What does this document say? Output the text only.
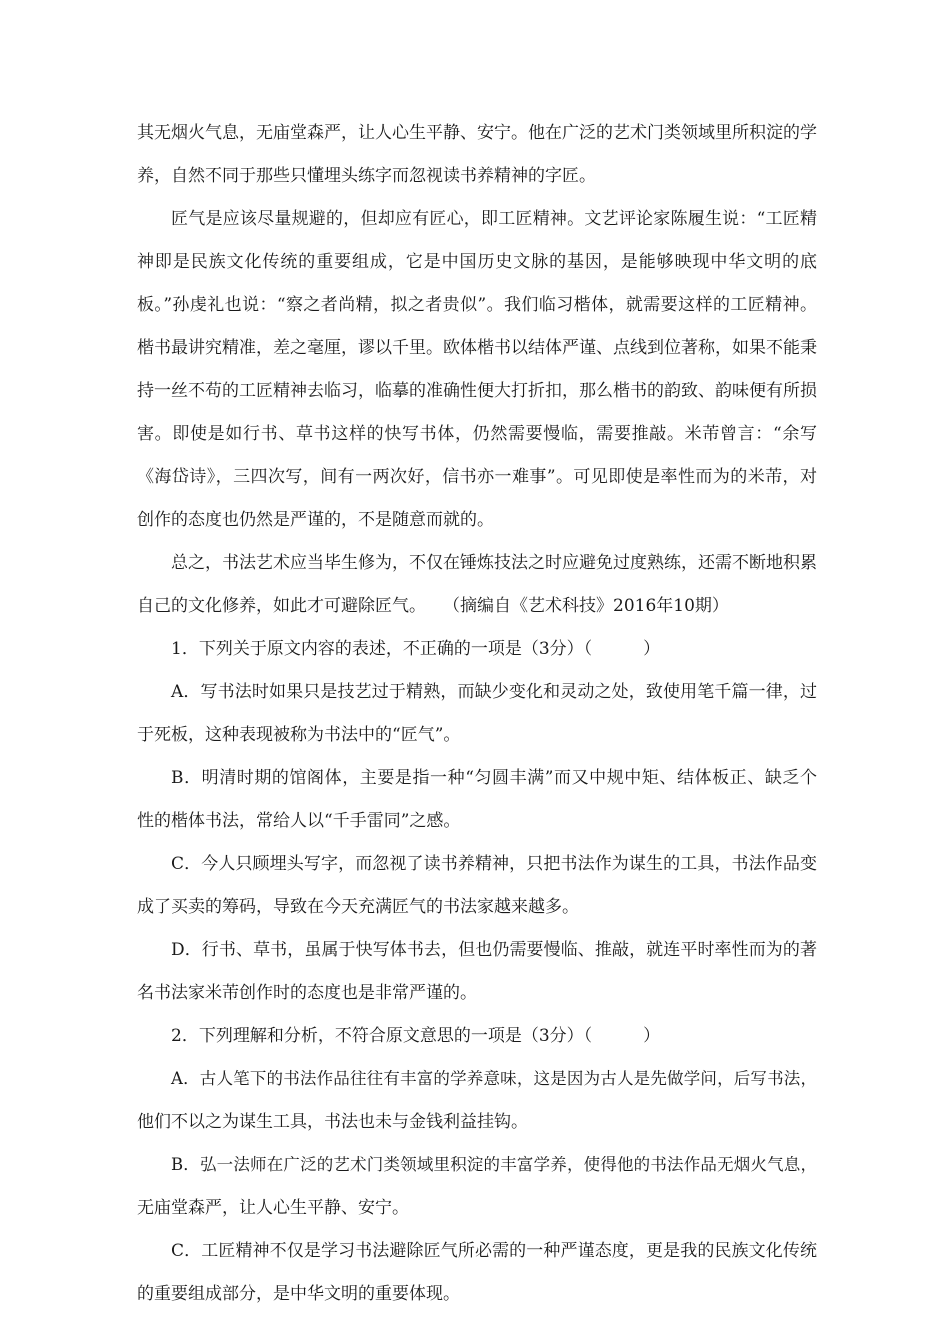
其无烟火气息，无庙堂森严，让人心生平静、安宁。他在广泛的艺术门类领域里所积淀的学
养，自然不同于那些只懂埋头练字而忽视读书养精神的字匠。
匠气是应该尽量规避的，但却应有匠心，即工匠精神。文艺评论家陈履生说：“工匠精
神即是民族文化传统的重要组成，它是中国历史文脉的基因，是能够映现中华文明的底
板。”孙虔礼也说：“察之者尚精，拟之者贵似”。我们临习楷体，就需要这样的工匠精神。
楷书最讲究精准，差之毫厘，谬以千里。欧体楷书以结体严谨、点线到位著称，如果不能秉
持一丝不苟的工匠精神去临习，临摹的准确性便大打折扣，那么楷书的韵致、韵味便有所损
害。即使是如行书、草书这样的快写书体，仍然需要慢临，需要推敲。米芾曾言：“余写
《海岱诗》，三四次写，间有一两次好，信书亦一难事”。可见即使是率性而为的米芾，对
创作的态度也仍然是严谨的，不是随意而就的。
总之，书法艺术应当毕生修为，不仅在锤炼技法之时应避免过度熟练，还需不断地积累
自己的文化修养，如此才可避除匠气。　　（摘编自《艺术科技》2016年10期）
1．下列关于原文内容的表述，不正确的一项是（3分）（　　　）
A．写书法时如果只是技艺过于精熟，而缺少变化和灵动之处，致使用笔千篇一律，过
于死板，这种表现被称为书法中的“匠气”。
B．明清时期的馆阁体，主要是指一种“匀圆丰满”而又中规中矩、结体板正、缺乏个
性的楷体书法，常给人以“千手雷同”之感。
C．今人只顾埋头写字，而忽视了读书养精神，只把书法作为谋生的工具，书法作品变
成了买卖的筹码，导致在今天充满匠气的书法家越来越多。
D．行书、草书，虽属于快写体书去，但也仍需要慢临、推敲，就连平时率性而为的著
名书法家米芾创作时的态度也是非常严谨的。
2．下列理解和分析，不符合原文意思的一项是（3分）（　　　）
A．古人笔下的书法作品往往有丰富的学养意味，这是因为古人是先做学问，后写书法，
他们不以之为谋生工具，书法也未与金钱利益挂钩。
B．弘一法师在广泛的艺术门类领域里积淀的丰富学养，使得他的书法作品无烟火气息，
无庙堂森严，让人心生平静、安宁。
C．工匠精神不仅是学习书法避除匠气所必需的一种严谨态度，更是我的民族文化传统
的重要组成部分，是中华文明的重要体现。
